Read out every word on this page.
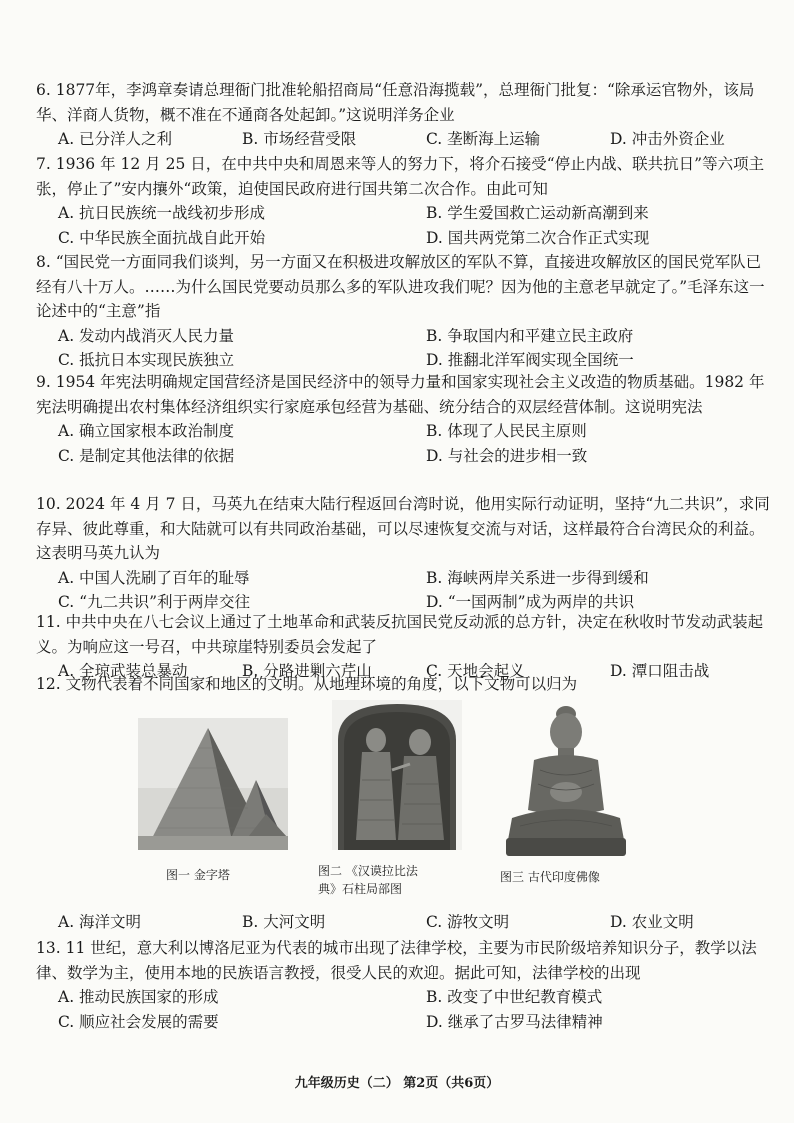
6. 1877年，李鸿章奏请总理衙门批准轮船招商局“任意沿海揽载”，总理衙门批复：“除承运官物外，该局华、洋商人货物，概不准在不通商各处起卸。”这说明洋务企业

A. 已分洋人之利	B. 市场经营受限	C. 垄断海上运输	D. 冲击外资企业

7. 1936 年 12 月 25 日，在中共中央和周恩来等人的努力下，将介石接受“停止内战、联共抗日”等六项主张，停止了”安内攘外“政策，迫使国民政府进行国共第二次合作。由此可知

A. 抗日民族统一战线初步形成	B. 学生爱国救亡运动新高潮到来
C. 中华民族全面抗战自此开始	D. 国共两党第二次合作正式实现

8. “国民党一方面同我们谈判，另一方面又在积极进攻解放区的军队不算，直接进攻解放区的国民党军队已经有八十万人。……为什么国民党要动员那么多的军队进攻我们呢？因为他的主意老早就定了。”毛泽东这一论述中的“主意”指

A. 发动内战消灭人民力量	B. 争取国内和平建立民主政府
C. 抵抗日本实现民族独立	D. 推翻北洋军阀实现全国统一

9. 1954 年宪法明确规定国营经济是国民经济中的领导力量和国家实现社会主义改造的物质基础。1982 年宪法明确提出农村集体经济组织实行家庭承包经营为基础、统分结合的双层经营体制。这说明宪法

A. 确立国家根本政治制度	B. 体现了人民民主原则
C. 是制定其他法律的依据	D. 与社会的进步相一致

10. 2024 年 4 月 7 日，马英九在结束大陆行程返回台湾时说，他用实际行动证明，坚持“九二共识”，求同存异、彼此尊重，和大陆就可以有共同政治基础，可以尽速恢复交流与对话，这样最符合台湾民众的利益。这表明马英九认为

A. 中国人洗刷了百年的耻辱	B. 海峡两岸关系进一步得到缓和
C. “九二共识”利于两岸交往	D. “一国两制”成为两岸的共识

11. 中共中央在八七会议上通过了土地革命和武装反抗国民党反动派的总方针，决定在秋收时节发动武装起义。为响应这一号召，中共琼崖特别委员会发起了

A. 全琼武装总暴动	B. 分路进剿六芹山	C. 天地会起义	D. 潭口阻击战

12. 文物代表着不同国家和地区的文明。从地理环境的角度，以下文物可以归为

图一 金字塔	图二 《汉谟拉比法
典》石柱局部图
图三 古代印度佛像
A. 海洋文明	B. 大河文明	C. 游牧文明	D. 农业文明

13. 11 世纪，意大利以博洛尼亚为代表的城市出现了法律学校，主要为市民阶级培养知识分子，教学以法律、数学为主，使用本地的民族语言教授，很受人民的欢迎。据此可知，法律学校的出现

A. 推动民族国家的形成	B. 改变了中世纪教育模式
C. 顺应社会发展的需要	D. 继承了古罗马法律精神
九年级历史（二） 第2页（共6页）
